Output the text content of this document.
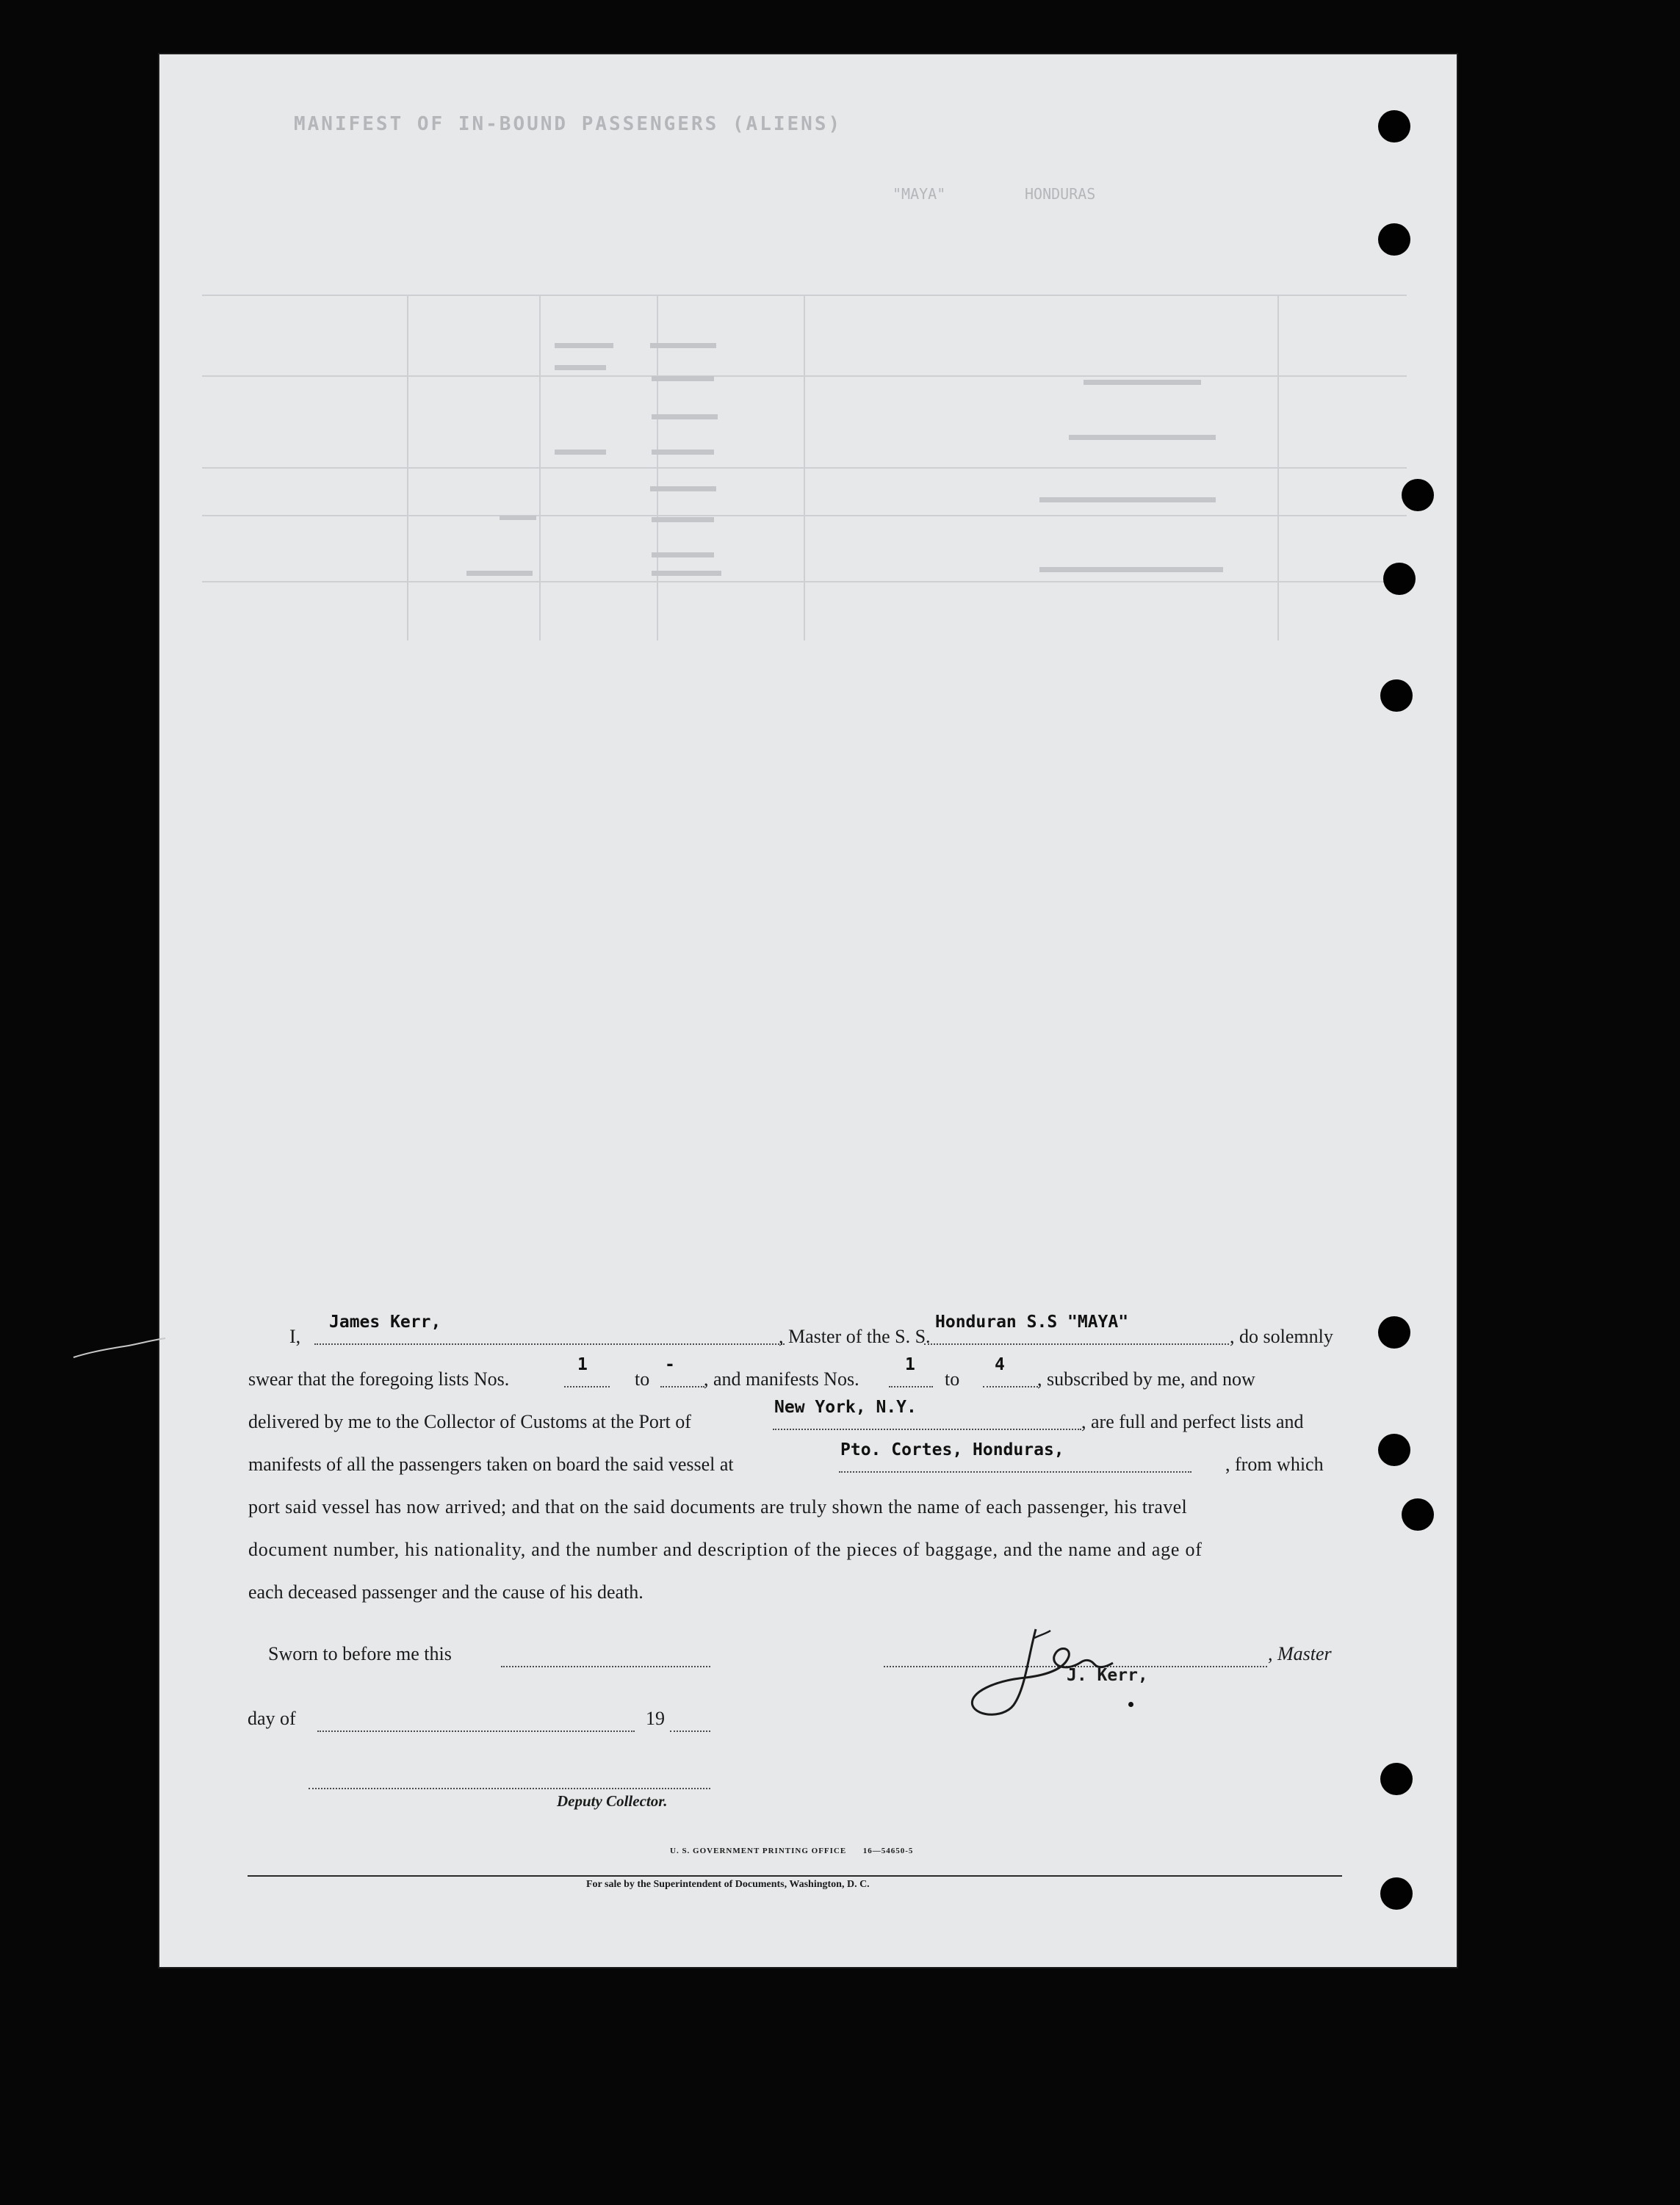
MANIFEST OF IN-BOUND PASSENGERS (ALIENS)
"MAYA"	HONDURAS
I,
James Kerr,
, Master of the S. S.
Honduran S.S "MAYA"
, do solemnly
swear that the foregoing lists Nos.
1
to
-
, and manifests Nos.
1
to
4
, subscribed by me, and now
delivered by me to the Collector of Customs at the Port of
New York, N.Y.
, are full and perfect lists and
manifests of all the passengers taken on board the said vessel at
Pto. Cortes, Honduras,
, from which
port said vessel has now arrived; and that on the said documents are truly shown the name of each passenger, his travel
document number, his nationality, and the number and description of the pieces of baggage, and the name and age of
each deceased passenger and the cause of his death.
Sworn to before me this	, Master
J. Kerr,
day of	19
Deputy Collector.
U. S. GOVERNMENT PRINTING OFFICE      16—54650-5
For sale by the Superintendent of Documents, Washington, D. C.
